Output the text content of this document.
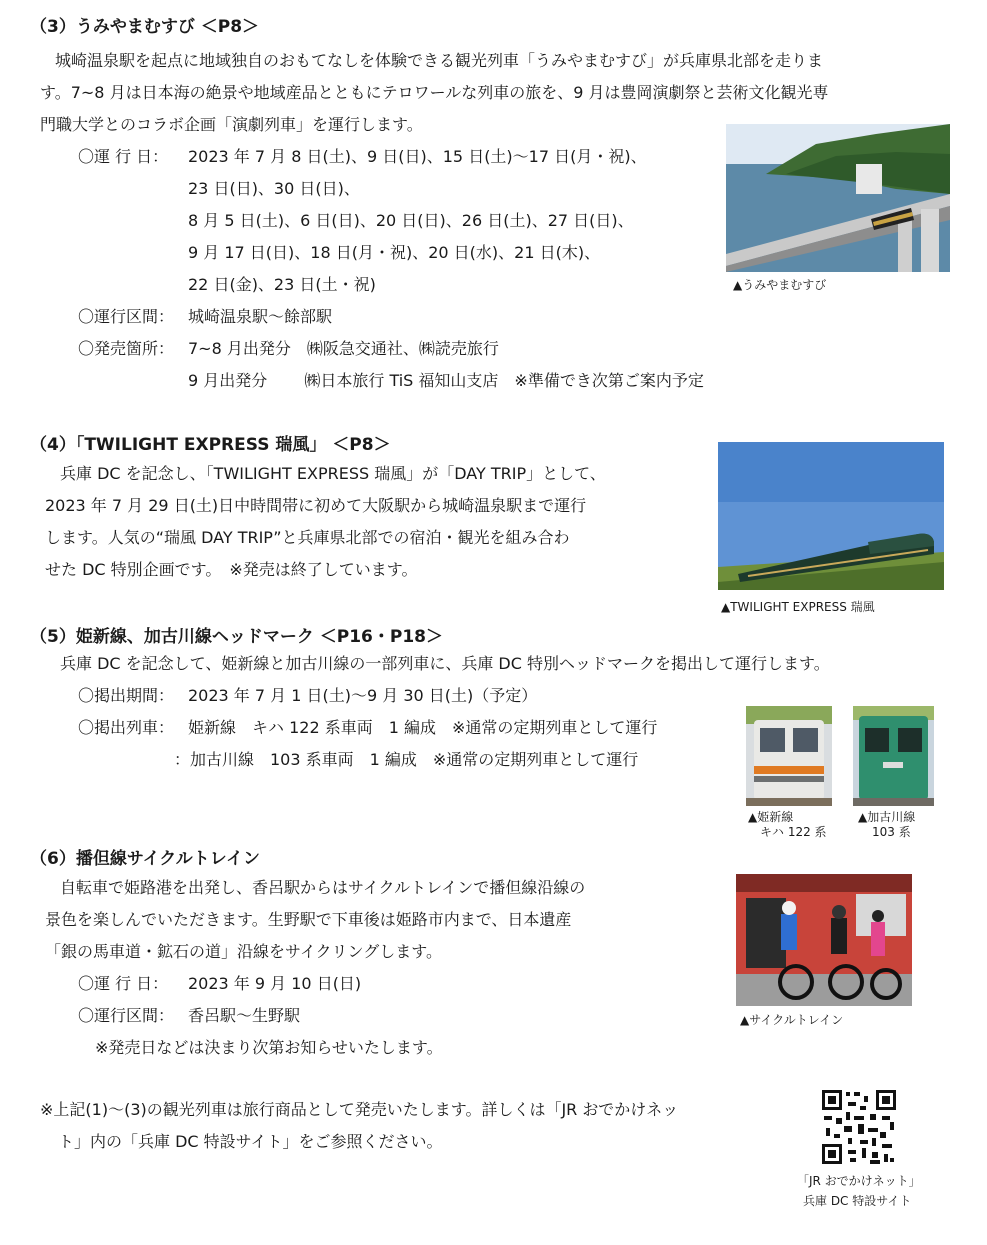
（3）うみやまむすび ＜P8＞
城崎温泉駅を起点に地域独自のおもてなしを体験できる観光列車「うみやまむすび」が兵庫県北部を走りま
す。7~8 月は日本海の絶景や地域産品とともにテロワールな列車の旅を、9 月は豊岡演劇祭と芸術文化観光専
門職大学とのコラボ企画「演劇列車」を運行します。
〇運 行 日： 2023 年 7 月 8 日(土)、9 日(日)、15 日(土)〜17 日(月・祝)、
23 日(日)、30 日(日)、
8 月 5 日(土)、6 日(日)、20 日(日)、26 日(土)、27 日(日)、
9 月 17 日(日)、18 日(月・祝)、20 日(水)、21 日(木)、
22 日(金)、23 日(土・祝)
〇運行区間： 城崎温泉駅〜餘部駅
〇発売箇所： 7~8 月出発分　㈱阪急交通社、㈱読売旅行
9 月出発分　　 ㈱日本旅行 TiS 福知山支店　※準備でき次第ご案内予定
▲うみやまむすび
（4）「TWILIGHT EXPRESS 瑞風」 ＜P8＞
兵庫 DC を記念し、「TWILIGHT EXPRESS 瑞風」が「DAY TRIP」として、
2023 年 7 月 29 日(土)日中時間帯に初めて大阪駅から城崎温泉駅まで運行
します。人気の“瑞風 DAY TRIP”と兵庫県北部での宿泊・観光を組み合わ
せた DC 特別企画です。　※発売は終了しています。
▲TWILIGHT EXPRESS 瑞風
（5）姫新線、加古川線ヘッドマーク ＜P16・P18＞
兵庫 DC を記念して、姫新線と加古川線の一部列車に、兵庫 DC 特別ヘッドマークを掲出して運行します。
〇掲出期間： 2023 年 7 月 1 日(土)〜9 月 30 日(土)（予定）
〇掲出列車： 姫新線　キハ 122 系車両　1 編成　※通常の定期列車として運行
：加古川線　103 系車両　1 編成　※通常の定期列車として運行
▲姫新線
キハ 122 系
▲加古川線
103 系
（6）播但線サイクルトレイン
自転車で姫路港を出発し、香呂駅からはサイクルトレインで播但線沿線の
景色を楽しんでいただきます。生野駅で下車後は姫路市内まで、日本遺産
「銀の馬車道・鉱石の道」沿線をサイクリングします。
〇運 行 日： 2023 年 9 月 10 日(日)
〇運行区間： 香呂駅〜生野駅
※発売日などは決まり次第お知らせいたします。
▲サイクルトレイン
※上記(1)〜(3)の観光列車は旅行商品として発売いたします。詳しくは「JR おでかけネッ
ト」内の「兵庫 DC 特設サイト」をご参照ください。
「JR おでかけネット」
兵庫 DC 特設サイト
